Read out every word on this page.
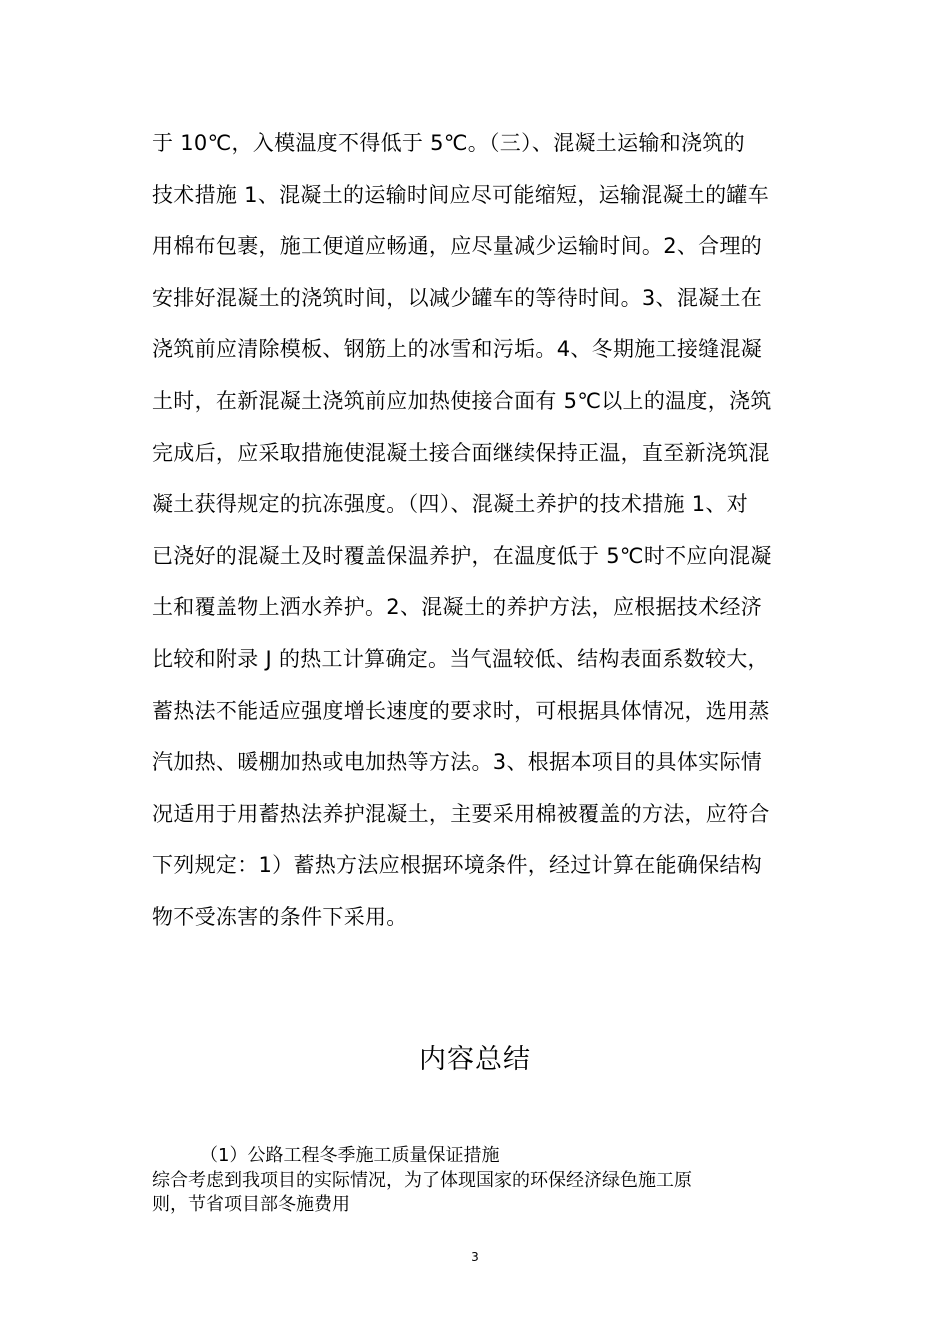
于 10℃，入模温度不得低于 5℃。（三）、混凝土运输和浇筑的
技术措施 1、混凝土的运输时间应尽可能缩短，运输混凝土的罐车
用棉布包裹，施工便道应畅通，应尽量减少运输时间。2、合理的
安排好混凝土的浇筑时间，以减少罐车的等待时间。3、混凝土在
浇筑前应清除模板、钢筋上的冰雪和污垢。4、冬期施工接缝混凝
土时，在新混凝土浇筑前应加热使接合面有 5℃以上的温度，浇筑
完成后，应采取措施使混凝土接合面继续保持正温，直至新浇筑混
凝土获得规定的抗冻强度。（四）、混凝土养护的技术措施 1、对
已浇好的混凝土及时覆盖保温养护，在温度低于 5℃时不应向混凝
土和覆盖物上洒水养护。2、混凝土的养护方法，应根据技术经济
比较和附录 J 的热工计算确定。当气温较低、结构表面系数较大，
蓄热法不能适应强度增长速度的要求时，可根据具体情况，选用蒸
汽加热、暖棚加热或电加热等方法。3、根据本项目的具体实际情
况适用于用蓄热法养护混凝土，主要采用棉被覆盖的方法，应符合
下列规定：1）蓄热方法应根据环境条件，经过计算在能确保结构
物不受冻害的条件下采用。
内容总结
（1）公路工程冬季施工质量保证措施
综合考虑到我项目的实际情况，为了体现国家的环保经济绿色施工原
则，节省项目部冬施费用
3
